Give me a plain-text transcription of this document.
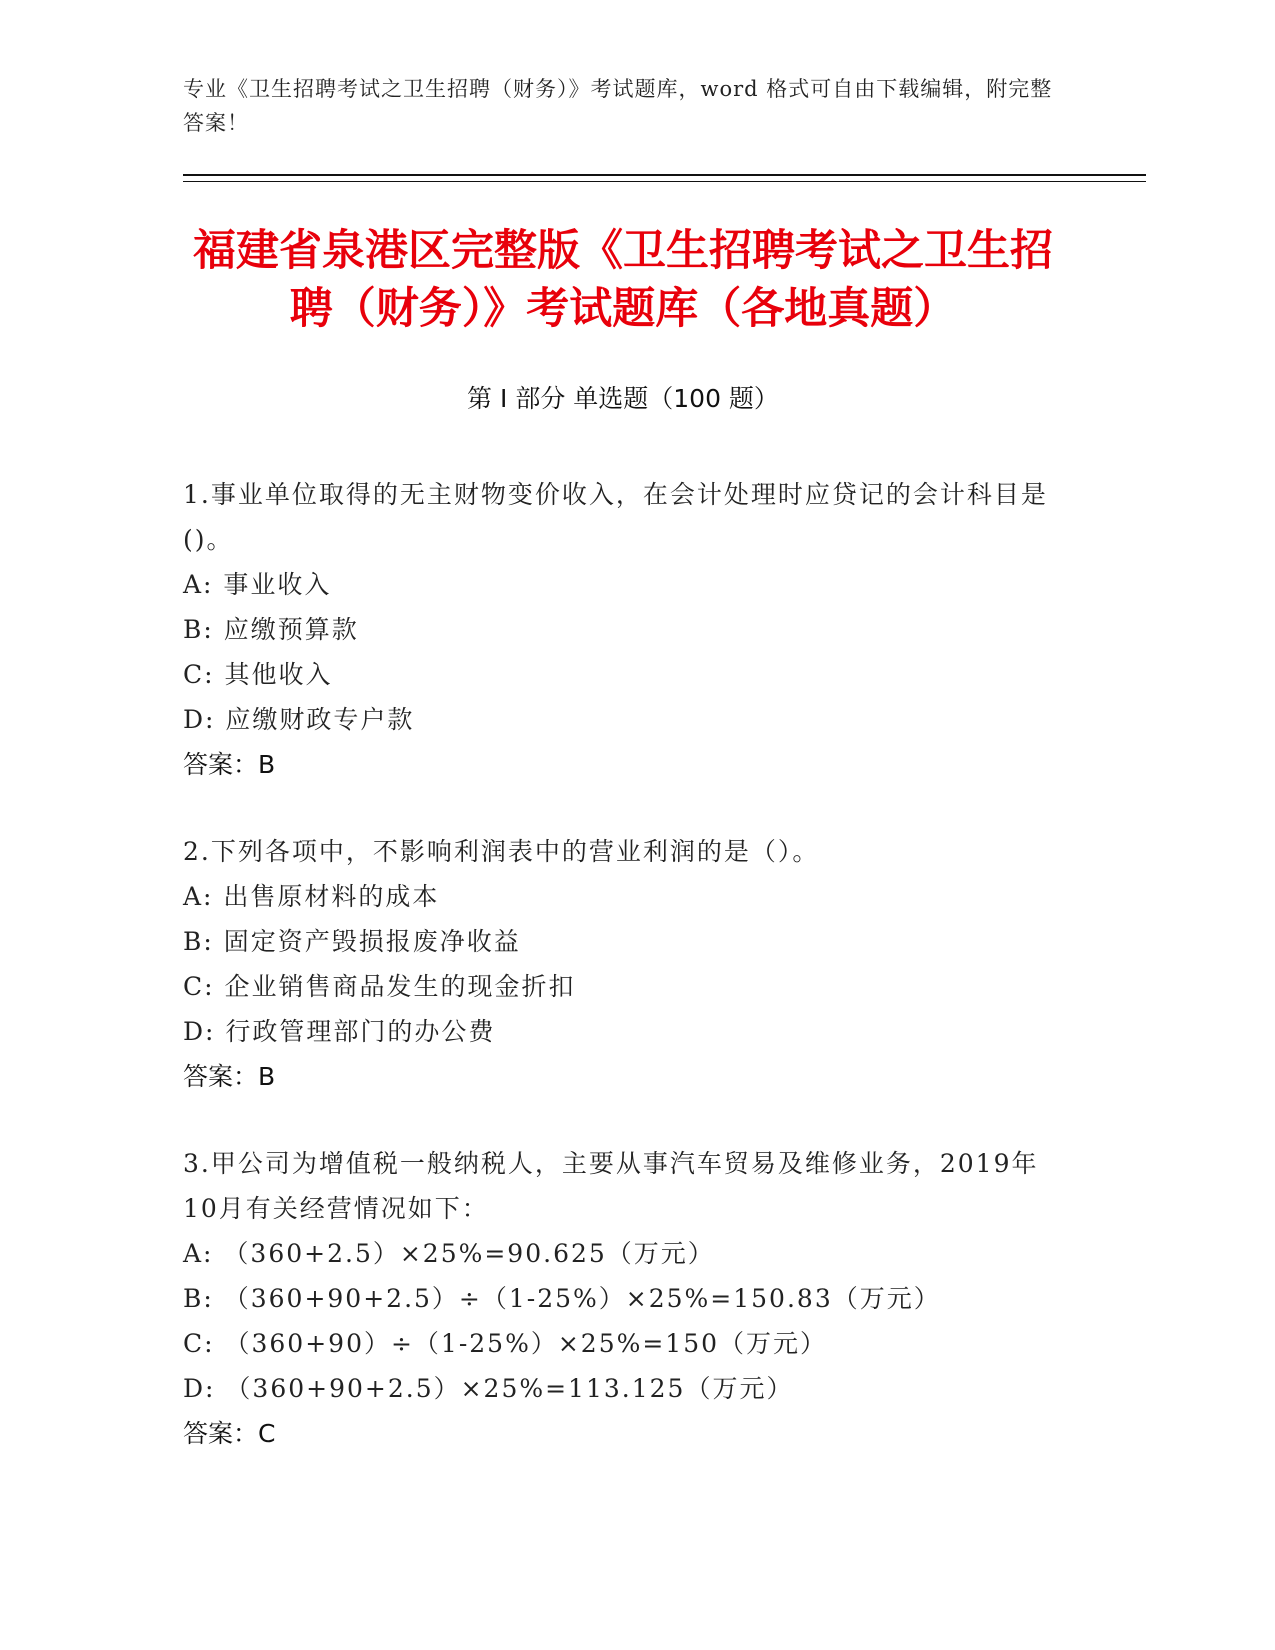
专业《卫生招聘考试之卫生招聘（财务）》考试题库，word 格式可自由下载编辑，附完整答案！
福建省泉港区完整版《卫生招聘考试之卫生招聘（财务）》考试题库（各地真题）
第 I 部分 单选题（100 题）
1.事业单位取得的无主财物变价收入，在会计处理时应贷记的会计科目是()。
A: 事业收入
B: 应缴预算款
C: 其他收入
D: 应缴财政专户款
答案：B
2.下列各项中，不影响利润表中的营业利润的是（）。
A: 出售原材料的成本
B: 固定资产毁损报废净收益
C: 企业销售商品发生的现金折扣
D: 行政管理部门的办公费
答案：B
3.甲公司为增值税一般纳税人，主要从事汽车贸易及维修业务，2019年10月有关经营情况如下：
A: （360+2.5）×25%=90.625（万元）
B: （360+90+2.5）÷（1-25%）×25%=150.83（万元）
C: （360+90）÷（1-25%）×25%=150（万元）
D: （360+90+2.5）×25%=113.125（万元）
答案：C
